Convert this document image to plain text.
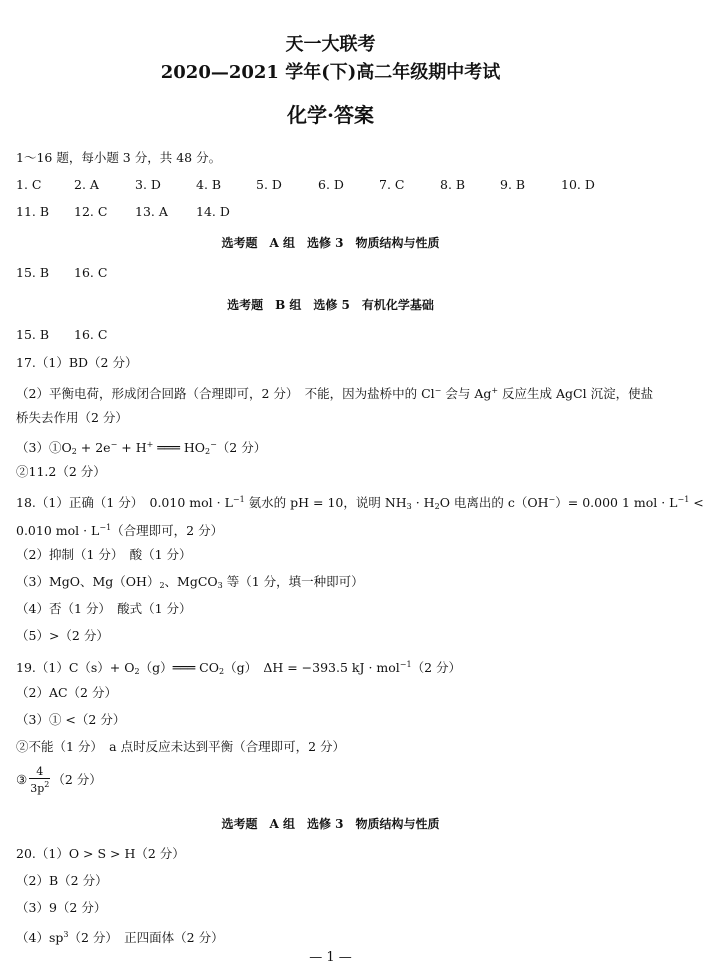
天一大联考
2020—2021 学年(下)高二年级期中考试
化学·答案
1～16 题，每小题 3 分，共 48 分。
1. C	2. A	3. D	4. B	5. D	6. D	7. C	8. B	9. B	10. D
11. B 12. C 13. A 14. D
选考题　A 组　选修 3　物质结构与性质
15. B 16. C
选考题　B 组　选修 5　有机化学基础
15. B 16. C
17.（1）BD（2 分）
（2）平衡电荷，形成闭合回路（合理即可，2 分）　不能，因为盐桥中的 Cl− 会与 Ag+ 反应生成 AgCl 沉淀，使盐
桥失去作用（2 分）
$(3)①O_2 + 2e^- + H^+$ ═══ $HO_2^-(2$ 分）
②11.2（2 分）
18.（1）正确（1 分）　0.010 mol · $L^{-1}$ 氨水的 pH = 10，说明 $NH_3 \cdot H_2O$ 电离出的 c（OH−）= 0.000 1 mol · $L^{-1}$ <
0.010 mol · $L^{-1}$（合理即可，2 分）
（2）抑制（1 分）　酸（1 分）
（3）MgO、$Mg(OH)_2$、MgCO$_3$ 等（1 分，填一种即可）
（4）否（1 分）　酸式（1 分）
（5）>（2 分）
$19.(1)C(s)+ O_2(g)═══$ $CO_2(g)$　ΔH = −393.5 kJ · mol$^{-1}$（2 分）
（2）AC（2 分）
（3）① <（2 分）
②不能（1 分）　a 点时反应未达到平衡（合理即可，2 分）
③ $\frac{4}{3p^2} (2$ 分）
选考题　A 组　选修 3　物质结构与性质
20.（1）O > S > H（2 分）
（2）B（2 分）
（3）9（2 分）
$(4)sp^3(2$ 分）　正四面体（2 分）
— 1 —
